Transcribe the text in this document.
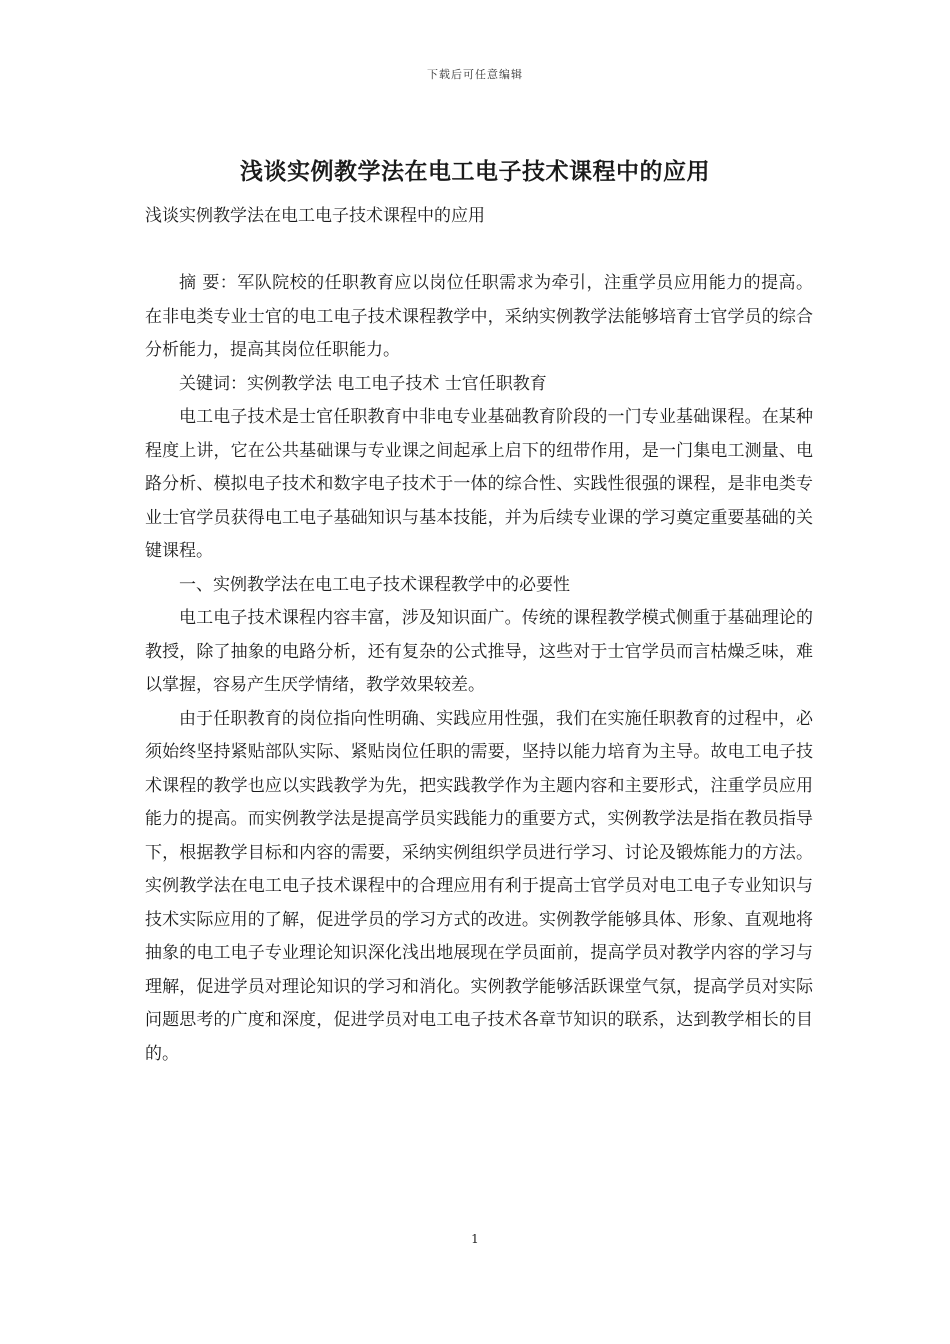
下载后可任意编辑
浅谈实例教学法在电工电子技术课程中的应用

浅谈实例教学法在电工电子技术课程中的应用

摘 要：军队院校的任职教育应以岗位任职需求为牵引，注重学员应用能力的提高。在非电类专业士官的电工电子技术课程教学中，采纳实例教学法能够培育士官学员的综合分析能力，提高其岗位任职能力。

关键词：实例教学法 电工电子技术 士官任职教育

电工电子技术是士官任职教育中非电专业基础教育阶段的一门专业基础课程。在某种程度上讲，它在公共基础课与专业课之间起承上启下的纽带作用，是一门集电工测量、电路分析、模拟电子技术和数字电子技术于一体的综合性、实践性很强的课程，是非电类专业士官学员获得电工电子基础知识与基本技能，并为后续专业课的学习奠定重要基础的关键课程。

一、实例教学法在电工电子技术课程教学中的必要性

电工电子技术课程内容丰富，涉及知识面广。传统的课程教学模式侧重于基础理论的教授，除了抽象的电路分析，还有复杂的公式推导，这些对于士官学员而言枯燥乏味，难以掌握，容易产生厌学情绪，教学效果较差。

由于任职教育的岗位指向性明确、实践应用性强，我们在实施任职教育的过程中，必须始终坚持紧贴部队实际、紧贴岗位任职的需要，坚持以能力培育为主导。故电工电子技术课程的教学也应以实践教学为先，把实践教学作为主题内容和主要形式，注重学员应用能力的提高。而实例教学法是提高学员实践能力的重要方式，实例教学法是指在教员指导下，根据教学目标和内容的需要，采纳实例组织学员进行学习、讨论及锻炼能力的方法。实例教学法在电工电子技术课程中的合理应用有利于提高士官学员对电工电子专业知识与技术实际应用的了解，促进学员的学习方式的改进。实例教学能够具体、形象、直观地将抽象的电工电子专业理论知识深化浅出地展现在学员面前，提高学员对教学内容的学习与理解，促进学员对理论知识的学习和消化。实例教学能够活跃课堂气氛，提高学员对实际问题思考的广度和深度，促进学员对电工电子技术各章节知识的联系，达到教学相长的目的。

1
